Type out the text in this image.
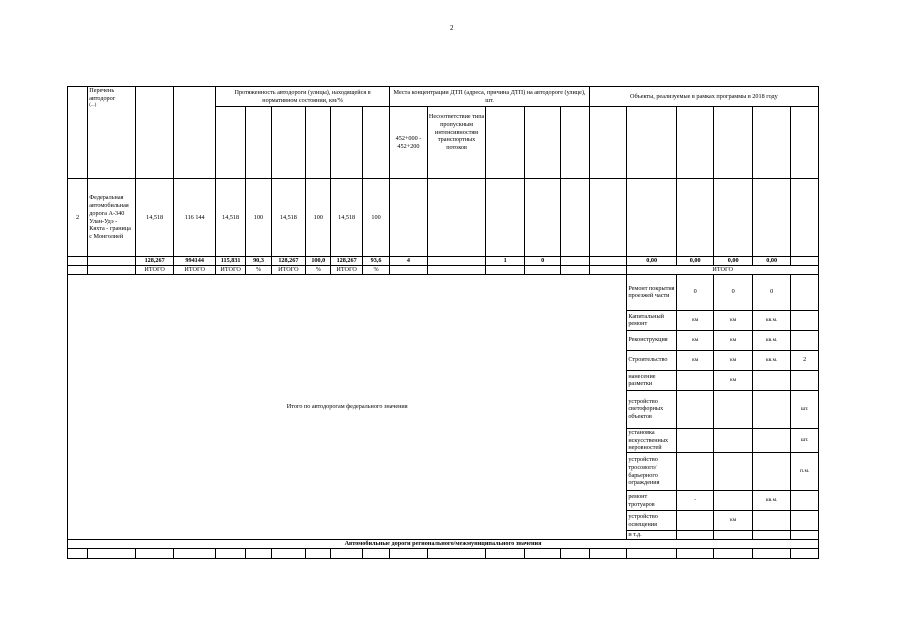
2

	Перечень автодорог
(...)			Протяженность автодороги (улицы), находящейся в нормативном состоянии, км/%						Места концентрации ДТП (адреса, причина ДТП) на автодороге (улице), шт.					Объекты, реализуемые в рамках программы в 2018 году					
										452+000 - 452+200	Несоответствие типа пропускным интенсивностям транспортных потоков									
2	Федеральная автомобильная дорога А-340 Улан-Удэ - Кяхта - граница с Монголией	14,518	116 144	14,518	100	14,518	100	14,518	100											
		128,267	994144	115,831	90,3	128,267	100,0	128,267	93,6	4		1	0			0,00	0,00	0,00	0,00	
		ИТОГО	ИТОГО	ИТОГО	%	ИТОГО	%	ИТОГО	%							ИТОГО				
Итого по автодорогам федерального значения																Ремонт покрытия проезжей части	0	0	0	
																Капитальный ремонт	км	км	кв.м.	
																Реконструкция	км	км	кв.м.	
																Строительство	км	км	кв.м.	2
																нанесение разметки		км		
																устройство светофорных объектов				шт.
																установка искусственных неровностей				шт.
																устройство тросового/барьерного ограждения				п.м.
																ремонт тротуаров	-		кв.м.	
																устройство освещения		км		
																и т.д.				
Автомобильные дороги регионального/межмуниципального значения																				
